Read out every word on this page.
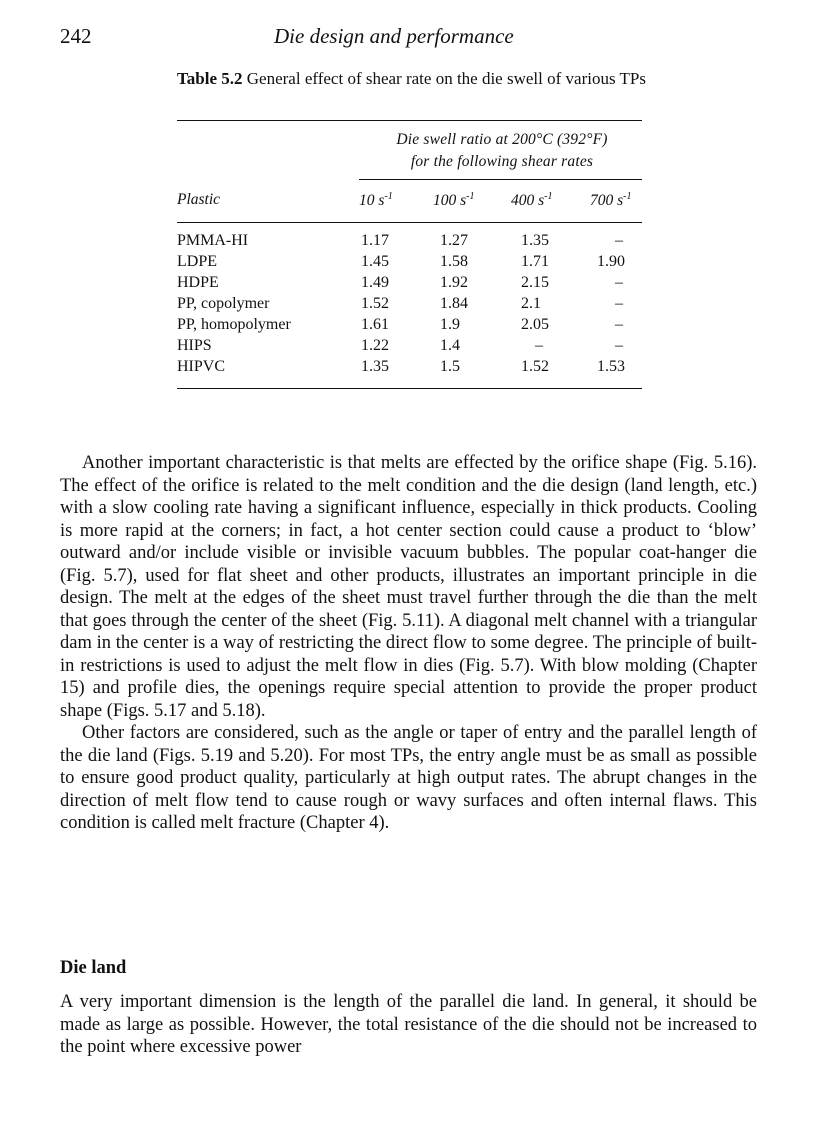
242	Die design and performance
Table 5.2 General effect of shear rate on the die swell of various TPs
Die swell ratio at 200°C (392°F)
for the following shear rates
Plastic	10 $s^{-1}$	100 $s^{-1}$ 400 $s^{-1}$ 700 $s^{-1}$
PMMA-HI	1.17	1.27	1.35	–
LDPE	1.45	1.58	1.71	1.90
HDPE	1.49	1.92	2.15	–
PP, copolymer	1.52	1.84	2.1	–
PP, homopolymer	1.61	1.9	2.05	–
HIPS	1.22	1.4	–	–
HIPVC	1.35	1.5	1.52	1.53

Another important characteristic is that melts are effected by the orifice shape (Fig. 5.16). The effect of the orifice is related to the melt condition and the die design (land length, etc.) with a slow cooling rate having a significant influence, especially in thick products. Cooling is more rapid at the corners; in fact, a hot center section could cause a product to ‘blow’ outward and/or include visible or invisible vacuum bubbles. The popular coat-hanger die (Fig. 5.7), used for flat sheet and other products, illustrates an important principle in die design. The melt at the edges of the sheet must travel further through the die than the melt that goes through the center of the sheet (Fig. 5.11). A diagonal melt channel with a triangular dam in the center is a way of restricting the direct flow to some degree. The principle of built-in restrictions is used to adjust the melt flow in dies (Fig. 5.7). With blow molding (Chapter 15) and profile dies, the openings require special attention to provide the proper product shape (Figs. 5.17 and 5.18).

Other factors are considered, such as the angle or taper of entry and the parallel length of the die land (Figs. 5.19 and 5.20). For most TPs, the entry angle must be as small as possible to ensure good product quality, particularly at high output rates. The abrupt changes in the direction of melt flow tend to cause rough or wavy surfaces and often internal flaws. This condition is called melt fracture (Chapter 4).

Die land

A very important dimension is the length of the parallel die land. In general, it should be made as large as possible. However, the total resistance of the die should not be increased to the point where excessive power
